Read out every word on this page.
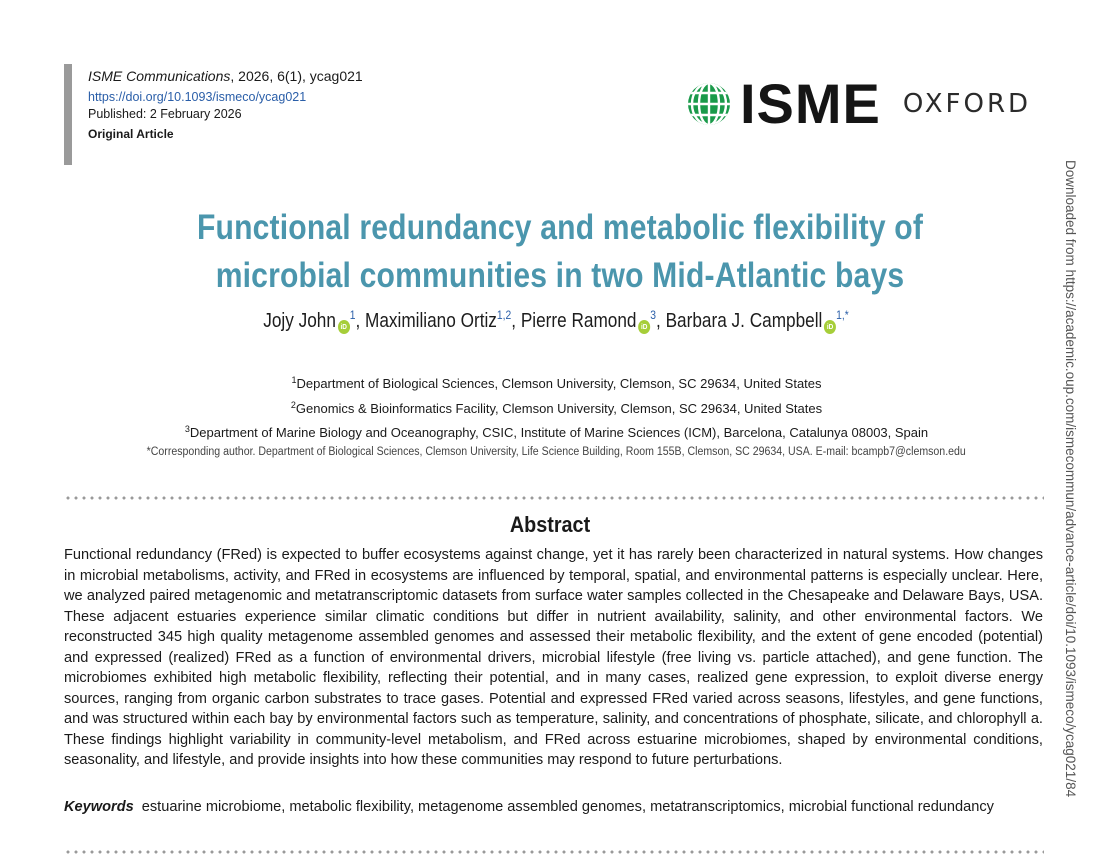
ISME Communications, 2026, 6(1), ycag021
https://doi.org/10.1093/ismeco/ycag021
Published: 2 February 2026
Original Article	ISME OXFORD
Downloaded from https://academic.oup.com/ismecommun/advance-article/doi/10.1093/ismeco/ycag021/84
Functional redundancy and metabolic flexibility of microbial communities in two Mid-Atlantic bays
Jojy John $iD^1$, Maximiliano Ortiz$^{1,2}$, Pierre Ramond $iD^3$, Barbara J. Campbell $iD^{1,*}$
$^1$Department of Biological Sciences, Clemson University, Clemson, SC 29634, United States
$^2$Genomics & Bioinformatics Facility, Clemson University, Clemson, SC 29634, United States
$^3$Department of Marine Biology and Oceanography, CSIC, Institute of Marine Sciences (ICM), Barcelona, Catalunya 08003, Spain
*Corresponding author. Department of Biological Sciences, Clemson University, Life Science Building, Room 155B, Clemson, SC 29634, USA. E-mail: bcampb7@clemson.edu
Abstract
Functional redundancy (FRed) is expected to buffer ecosystems against change, yet it has rarely been characterized in natural systems. How changes in microbial metabolisms, activity, and FRed in ecosystems are influenced by temporal, spatial, and environmental patterns is especially unclear. Here, we analyzed paired metagenomic and metatranscriptomic datasets from surface water samples collected in the Chesapeake and Delaware Bays, USA. These adjacent estuaries experience similar climatic conditions but differ in nutrient availability, salinity, and other environmental factors. We reconstructed 345 high quality metagenome assembled genomes and assessed their metabolic flexibility, and the extent of gene encoded (potential) and expressed (realized) FRed as a function of environmental drivers, microbial lifestyle (free living vs. particle attached), and gene function. The microbiomes exhibited high metabolic flexibility, reflecting their potential, and in many cases, realized gene expression, to exploit diverse energy sources, ranging from organic carbon substrates to trace gases. Potential and expressed FRed varied across seasons, lifestyles, and gene functions, and was structured within each bay by environmental factors such as temperature, salinity, and concentrations of phosphate, silicate, and chlorophyll a. These findings highlight variability in community-level metabolism, and FRed across estuarine microbiomes, shaped by environmental conditions, seasonality, and lifestyle, and provide insights into how these communities may respond to future perturbations.
Keywords estuarine microbiome, metabolic flexibility, metagenome assembled genomes, metatranscriptomics, microbial functional redundancy
